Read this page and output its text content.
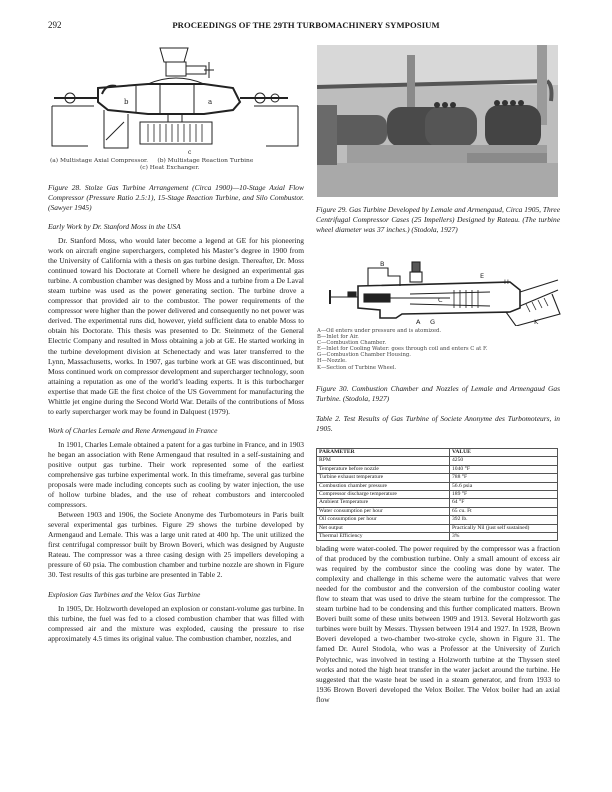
292	PROCEEDINGS OF THE 29TH TURBOMACHINERY SYMPOSIUM
b	a
c
(a) Multistage Axial Compressor.     (b) Multistage Reaction Turbine
(c) Heat Exchanger.

Figure 28. Stolze Gas Turbine Arrangement (Circa 1900)—10-Stage Axial Flow Compressor (Pressure Ratio 2.5:1), 15-Stage Reaction Turbine, and Silo Combustor. (Sawyer 1945)

Early Work by Dr. Stanford Moss in the USA

Dr. Stanford Moss, who would later become a legend at GE for his pioneering work on aircraft engine superchargers, completed his Master’s degree in 1900 from the University of California with a thesis on gas turbine design. Thereafter, Dr. Moss continued toward his Doctorate at Cornell where he designed an experimental gas turbine. A combustion chamber was designed by Moss and a turbine from a De Laval steam turbine was used as the power generating section. The turbine drove a compressor that provided air to the combustor. The power requirements of the compressor were higher than the power delivered and consequently no net power was derived. The experimental runs did, however, yield sufficient data to enable Moss to obtain his Doctorate. This thesis was presented to Dr. Steinmetz of the General Electric Company and resulted in Moss obtaining a job at GE. He started working in the turbine development division at Schenectady and was later transferred to the Lynn, Massachusetts, works. In 1907, gas turbine work at GE was discontinued, but Moss continued work on compressor development and supercharger technology, soon attaining a reputation as one of the world’s leading experts. It is this turbocharger expertise that made GE the first choice of the US Government for manufacturing the Whittle jet engine during the Second World War. Details of the contributions of Moss to early supercharger work may be found in Dalquest (1979).

Work of Charles Lemale and Rene Armengaud in France

In 1901, Charles Lemale obtained a patent for a gas turbine in France, and in 1903 he began an association with Rene Armengaud that resulted in a self-sustaining and positive output gas turbine. Their work represented some of the earliest comprehensive gas turbine experimental work. In this timeframe, several gas turbine proposals were made including concepts such as cooling by water injection, the use of hollow turbine blades, and the use of reheat combustors and intercooled compressors.

Between 1903 and 1906, the Societe Anonyme des Turbomoteurs in Paris built several experimental gas turbines. Figure 29 shows the turbine developed by Armengaud and Lemale. This was a large unit rated at 400 hp. The unit utilized the first centrifugal compressor built by Brown Boveri, which was designed by Auguste Rateau. The compressor was a three casing design with 25 impellers developing a pressure of 60 psia. The combustion chamber and turbine nozzle are shown in Figure 30. Test results of this gas turbine are presented in Table 2.

Explosion Gas Turbines and the Velox Gas Turbine

In 1905, Dr. Holzworth developed an explosion or constant-volume gas turbine. In this turbine, the fuel was fed to a closed combustion chamber that was filled with compressed air and the mixture was exploded, causing the pressure to rise approximately 4.5 times its original value. The combustion chamber, nozzles, and

Figure 29. Gas Turbine Developed by Lemale and Armengaud, Circa 1905, Three Centrifugal Compressor Cases (25 Impellers) Designed by Rateau. (The turbine wheel diameter was 37 inches.) (Stodola, 1927)

B
C
A G
E
H
K
A—Oil enters under pressure and is atomized.
B—Inlet for Air.
C—Combustion Chamber.
E—Inlet for Cooling Water: goes through coil and enters C at F.
G—Combustion Chamber Housing.
H—Nozzle.
K—Section of Turbine Wheel.

Figure 30. Combustion Chamber and Nozzles of Lemale and Armengaud Gas Turbine. (Stodola, 1927)

Table 2. Test Results of Gas Turbine of Societe Anonyme des Turbomoteurs, in 1905.

PARAMETER	VALUE
RPM	4250
Temperature before nozzle	1040 °F
Turbine exhaust temperature	788 °F
Combustion chamber pressure	56.6 psia
Compressor discharge temperature	189 °F
Ambient Temperature	64 °F
Water consumption per hour	65 cu. Ft
Oil consumption per hour	392 lb.
Net output	Practically Nil (just self sustained)
Thermal Efficiency	3%

blading were water-cooled. The power required by the compressor was a fraction of that produced by the combustion turbine. Only a small amount of excess air was required by the combustor since the cooling was done by water. The complexity and challenge in this scheme were the automatic valves that were needed for the combustor and the conversion of the combustor cooling water flow to steam that was used to drive the steam turbine for the compressor. The steam turbine had to be condensing and this further complicated matters. Brown Boveri built some of these units between 1909 and 1913. Several Holzworth gas turbines were built by Messrs. Thyssen between 1914 and 1927. In 1928, Brown Boveri developed a two-chamber two-stroke cycle, shown in Figure 31. The famed Dr. Aurel Stodola, who was a Professor at the University of Zurich Polytechnic, was involved in testing a Holzworth turbine at the Thyssen steel works and noted the high heat transfer in the water jacket around the turbine. He suggested that the waste heat be used in a steam generator, and from 1933 to 1936 Brown Boveri developed the Velox Boiler. The Velox boiler had an axial flow
